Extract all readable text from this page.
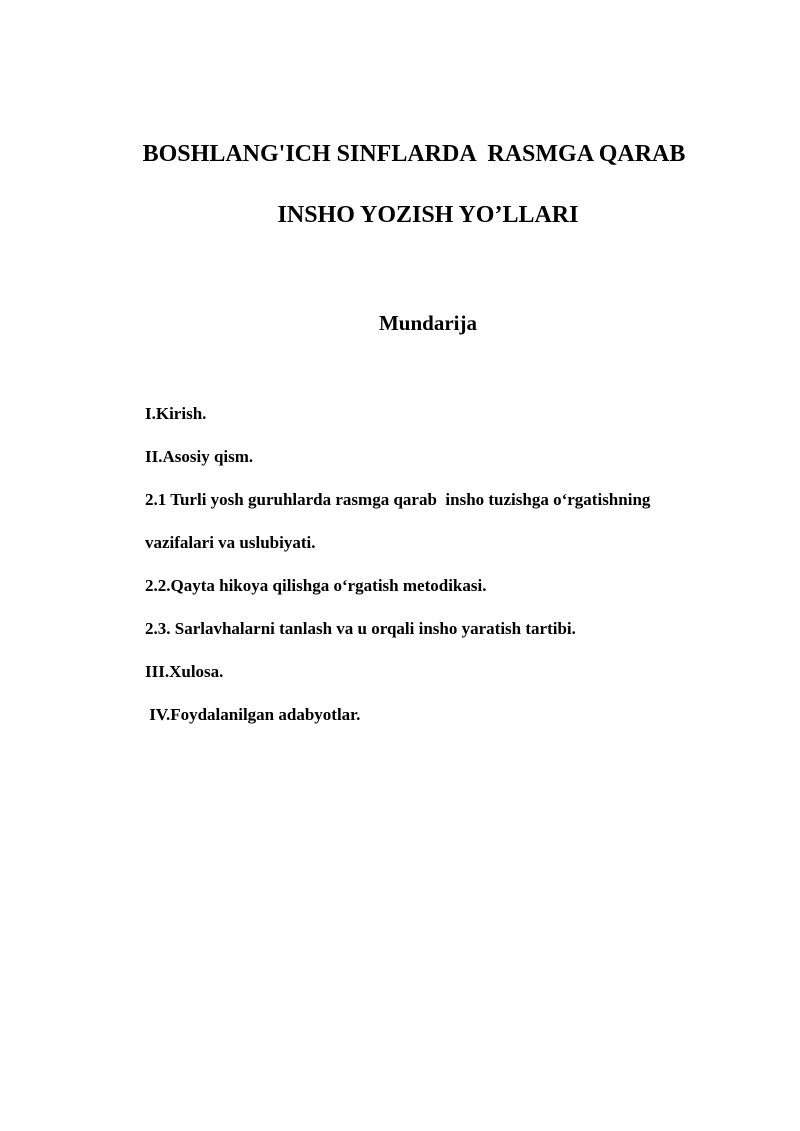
BOSHLANG'ICH SINFLARDA  RASMGA QARAB
INSHO YOZISH YO’LLARI
Mundarija
I.Kirish.
II.Asosiy qism.
2.1 Turli yosh guruhlarda rasmga qarab  insho tuzishga o‘rgatishning
vazifalari va uslubiyati.
2.2.Qayta hikoya qilishga o‘rgatish metodikasi.
2.3. Sarlavhalarni tanlash va u orqali insho yaratish tartibi.
III.Xulosa.
IV.Foydalanilgan adabyotlar.
